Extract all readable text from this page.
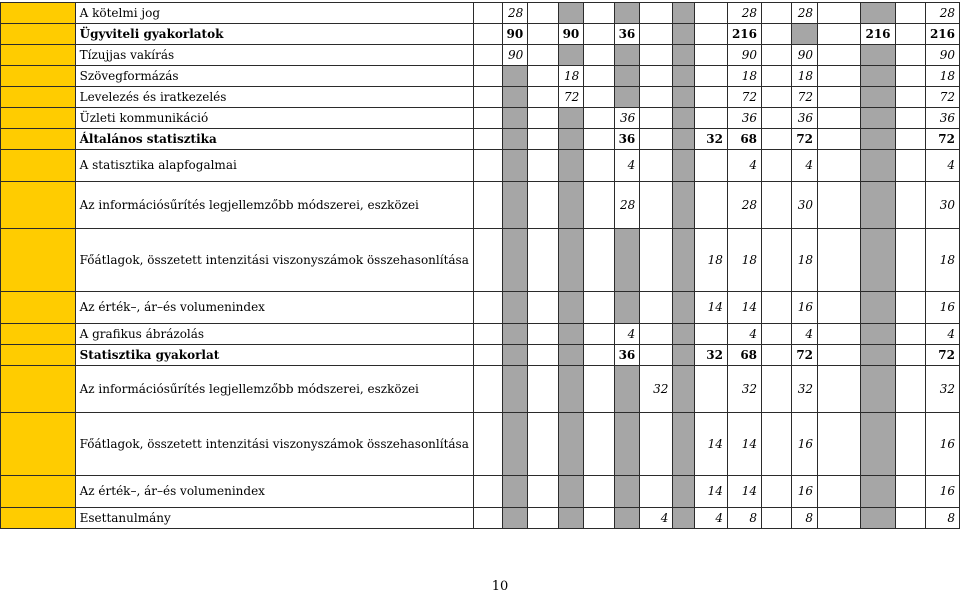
	A kötelmi jog		28								28		28				28
	Ügyviteli gyakorlatok		90		90		36				216				216		216
	Tízujjas vakírás		90								90		90				90
	Szövegformázás				18						18		18				18
	Levelezés és iratkezelés				72						72		72				72
	Üzleti kommunikáció						36				36		36				36
	Általános statisztika						36			32	68		72				72
	A statisztika alapfogalmai						4				4		4				4
	Az információsűrítés legjellemzőbb módszerei, eszközei						28				28		30				30
	Főátlagok, összetett intenzitási viszonyszámok összehasonlítása									18	18		18				18
	Az érték–, ár–és volumenindex									14	14		16				16
	A grafikus ábrázolás						4				4		4				4
	Statisztika gyakorlat						36			32	68		72				72
	Az információsűrítés legjellemzőbb módszerei, eszközei							32			32		32				32
	Főátlagok, összetett intenzitási viszonyszámok összehasonlítása									14	14		16				16
	Az érték–, ár–és volumenindex									14	14		16				16
	Esettanulmány							4		4	8		8				8
10
